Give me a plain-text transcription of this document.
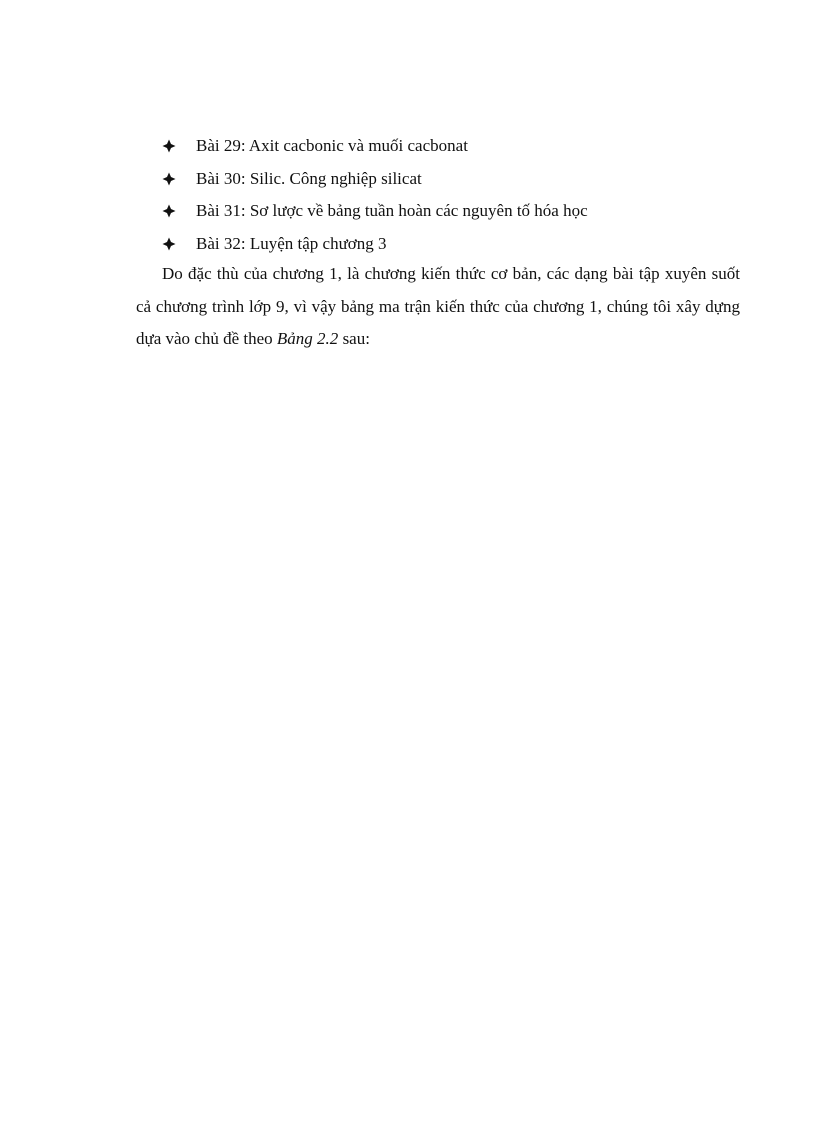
Bài 29: Axit cacbonic và muối cacbonat
Bài 30: Silic. Công nghiệp silicat
Bài 31: Sơ lược về bảng tuần hoàn các nguyên tố hóa học
Bài 32: Luyện tập chương 3

Do đặc thù của chương 1, là chương kiến thức cơ bản, các dạng bài tập xuyên suốt cả chương trình lớp 9, vì vậy bảng ma trận kiến thức của chương 1, chúng tôi xây dựng dựa vào chủ đề theo Bảng 2.2 sau:
